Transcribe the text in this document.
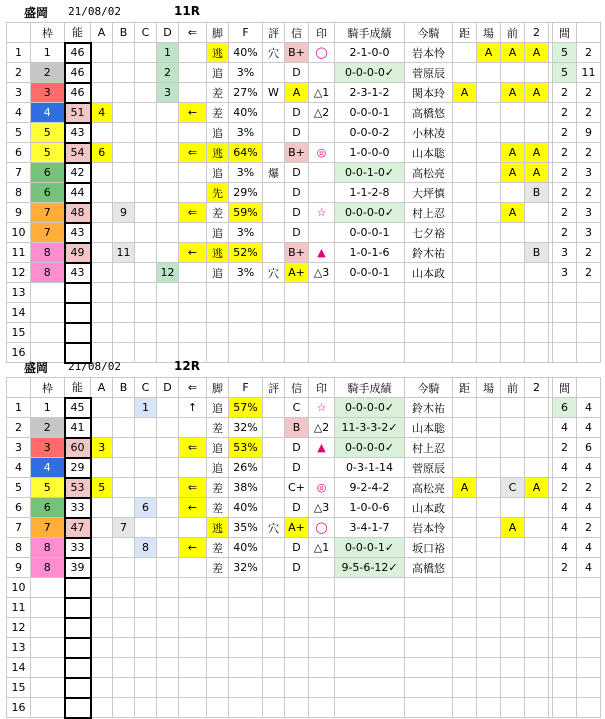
盛岡 21/08/02	11R
	枠	能	A	B	C	D	⇐	脚	F	評	信	印	騎手成績	今騎	距	場	前	2		間	
1	1	46				1		逃	40%	穴	B+	◯	2-1-0-0	岩本怜		A	A	A		5	2
2	2	46				2		追	3%		D		0-0-0-0✓	菅原辰						5	11
3	3	46				3		差	27%	W	A	△1	2-3-1-2	関本玲	A		A	A		2	2
4	4	51	4				←	差	40%		D	△2	0-0-0-1	高橋悠						2	2
5	5	43						追	3%		D		0-0-0-2	小林凌						2	9
6	5	54	6				⇐	逃	64%		B+	◎	1-0-0-0	山本聡			A	A		2	2
7	6	42						追	3%	爆	D		0-0-1-0✓	高松亮			A	A		2	3
8	6	44						先	29%		D		1-1-2-8	大坪慎				B		2	2
9	7	48		9			⇐	差	59%		D	☆	0-0-0-0✓	村上忍			A			2	3
10	7	43						追	3%		D		0-0-0-1	七夕裕						2	3
11	8	49		11			←	逃	52%		B+	▲	1-0-1-6	鈴木祐				B		3	2
12	8	43				12		追	3%	穴	A+	△3	0-0-0-1	山本政						3	2
13																					
14																					
15																					
16																					
盛岡 21/08/02	12R
	枠	能	A	B	C	D	⇐	脚	F	評	信	印	騎手成績	今騎	距	場	前	2		間	
1	1	45			1		↑	追	57%		C	☆	0-0-0-0✓	鈴木祐						6	4
2	2	41						差	32%		B	△2	11-3-3-2✓	山本聡						4	4
3	3	60	3				⇐	追	53%		D	▲	0-0-0-0✓	村上忍						2	6
4	4	29						追	26%		D		0-3-1-14	菅原辰						4	4
5	5	53	5				⇐	差	38%		C+	◎	9-2-4-2	高松亮	A		C	A		2	2
6	6	33			6		←	差	40%		D	△3	1-0-0-6	山本政						4	4
7	7	47		7				逃	35%	穴	A+	◯	3-4-1-7	岩本怜			A			4	2
8	8	33			8		←	差	40%		D	△1	0-0-0-1✓	坂口裕						4	4
9	8	39						差	32%		D		9-5-6-12✓	高橋悠						2	4
10																					
11																					
12																					
13																					
14																					
15																					
16																					
